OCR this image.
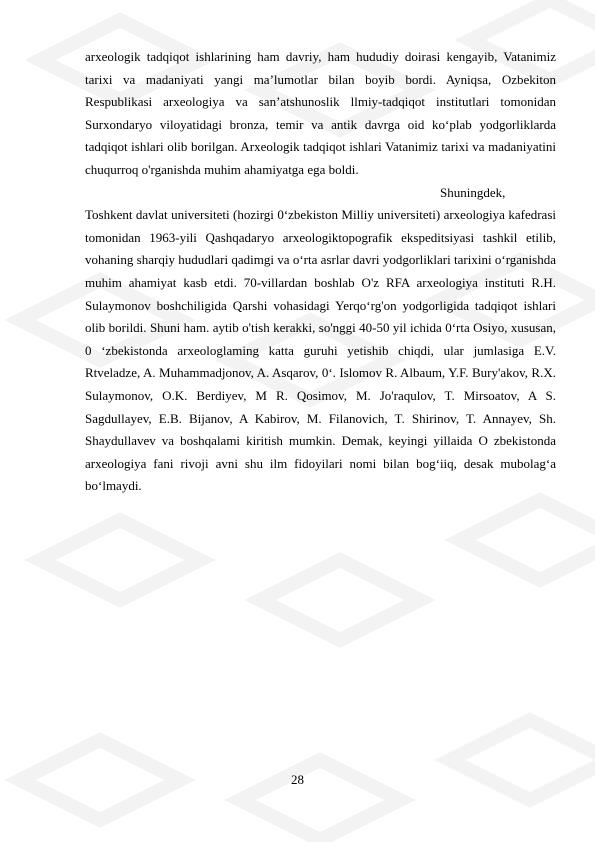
arxeologik tadqiqot ishlarining ham davriy, ham hududiy doirasi kengayib, Vatanimiz tarixi va madaniyati yangi ma’lumotlar bilan boyib bordi. Ayniqsa, Ozbekiton Respublikasi arxeologiya va san’atshunoslik llmiy-tadqiqot institutlari tomonidan Surxondaryo viloyatidagi bronza, temir va antik davrga oid ko‘plab yodgorliklarda tadqiqot ishlari olib borilgan. Arxeologik tadqiqot ishlari Vatanimiz tarixi va madaniyatini chuqurroq o'rganishda muhim ahamiyatga ega boldi.

Shuningdek,

Toshkent davlat universiteti (hozirgi 0‘zbekiston Milliy universiteti) arxeologiya kafedrasi tomonidan 1963-yili Qashqadaryo arxeologiktopografik ekspeditsiyasi tashkil etilib, vohaning sharqiy hududlari qadimgi va o‘rta asrlar davri yodgorliklari tarixini o‘rganishda muhim ahamiyat kasb etdi. 70-villardan boshlab O'z RFA arxeologiya instituti R.H. Sulaymonov boshchiligida Qarshi vohasidagi Yerqo‘rg'on yodgorligida tadqiqot ishlari olib borildi. Shuni ham. aytib o'tish kerakki, so'nggi 40-50 yil ichida 0‘rta Osiyo, xususan, 0 ‘zbekistonda arxeologlaming katta guruhi yetishib chiqdi, ular jumlasiga E.V. Rtveladze, A. Muhammadjonov, A. Asqarov, 0‘. Islomov R. Albaum, Y.F. Bury'akov, R.X. Sulaymonov, O.K. Berdiyev, M R. Qosimov, M. Jo'raqulov, T. Mirsoatov, A S. Sagdullayev, E.B. Bijanov, A Kabirov, M. Filanovich, T. Shirinov, T. Annayev, Sh. Shaydullavev va boshqalami kiritish mumkin. Demak, keyingi yillaida O zbekistonda arxeologiya fani rivoji avni shu ilm fidoyilari nomi bilan bog‘iiq, desak mubolag‘a bo‘lmaydi.

28
